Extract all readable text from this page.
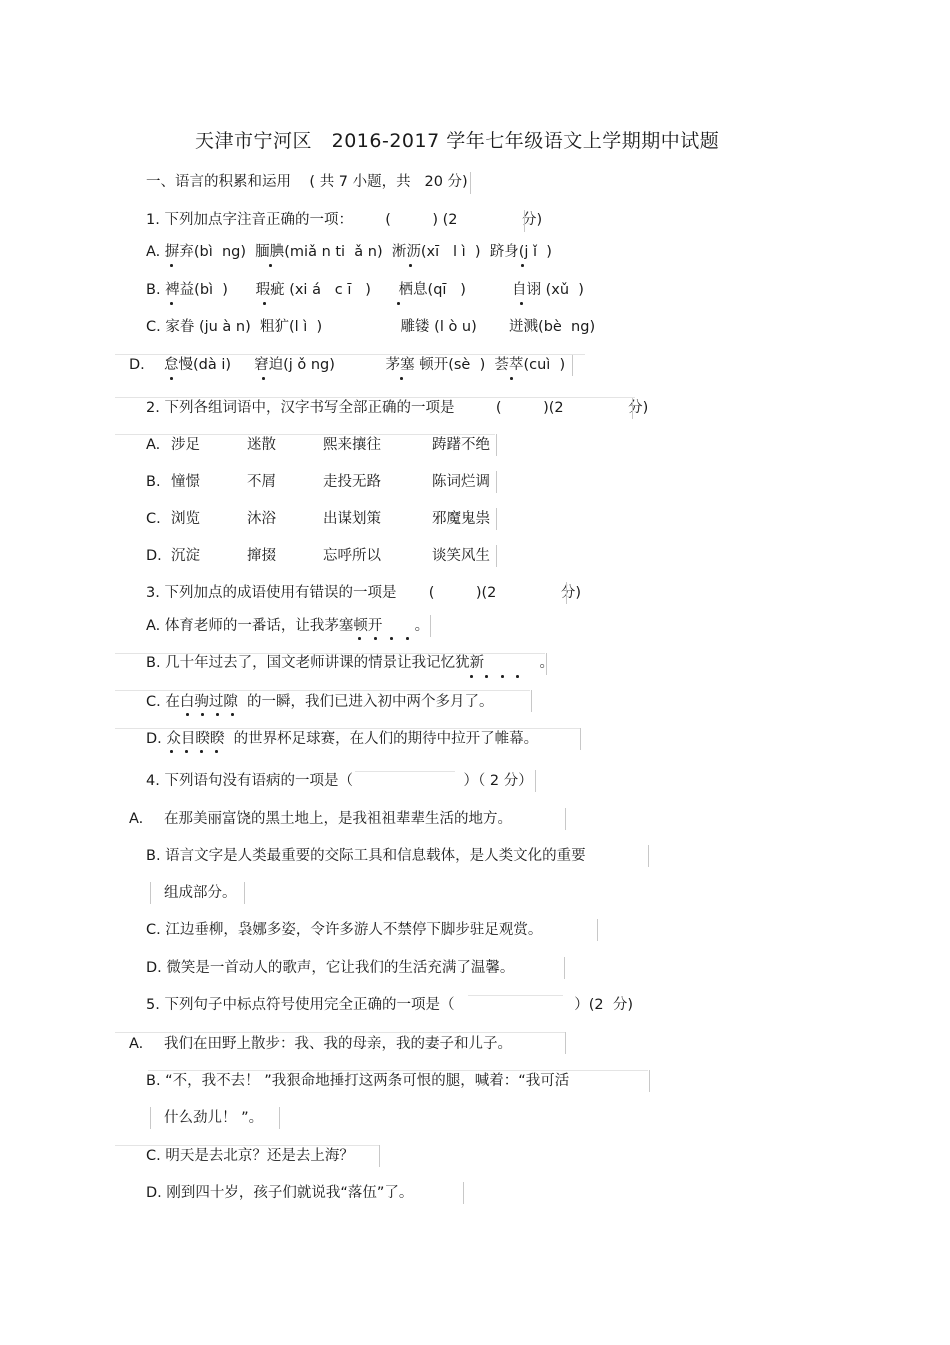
天津市宁河区   2016-2017 学年七年级语文上学期期中试题
一、语言的积累和运用    ( 共 7 小题，共   20 分)
1. 下列加点字注音正确的一项：       (         ) (2              分)
A. 摒弃(bì  ng)  腼腆(miǎ n ti  ǎ n)  淅沥(xī   l ì  )  跻身(j ǐ  )
B. 裨益(bì  )      瑕疵 (xi á   c ī   )      栖息(qī   )          自诩 (xǔ  )
C. 家眷 (ju à n)  粗犷(l ì  )                 雕镂 (l ò u)       迸溅(bè  ng)
D. 怠慢(dà i)     窘迫(j ǒ ng)           茅塞 顿开(sè  )  荟萃(cuì  )
2. 下列各组词语中，汉字书写全部正确的一项是         (         )(2              分)
A. 涉足	迷散	熙来攘往	踌躇不绝
B. 憧憬	不屑	走投无路	陈词烂调
C. 浏览	沐浴	出谋划策	邪魔鬼祟
D. 沉淀	撺掇	忘呼所以	谈笑风生
3. 下列加点的成语使用有错误的一项是       (         )(2              分)
A. 体育老师的一番话，让我茅塞顿开       。
B. 几十年过去了，国文老师讲课的情景让我记忆犹新            。
C. 在白驹过隙  的一瞬，我们已进入初中两个多月了。
D. 众目睽睽  的世界杯足球赛，在人们的期待中拉开了帷幕。
4. 下列语句没有语病的一项是（                        ）（ 2 分）
A. 在那美丽富饶的黑土地上，是我祖祖辈辈生活的地方。
B. 语言文字是人类最重要的交际工具和信息载体，是人类文化的重要
组成部分。
C. 江边垂柳，袅娜多姿，令许多游人不禁停下脚步驻足观赏。
D. 微笑是一首动人的歌声，它让我们的生活充满了温馨。
5. 下列句子中标点符号使用完全正确的一项是（                          ）(2  分)
A. 我们在田野上散步：我、我的母亲，我的妻子和儿子。
B. “不，我不去！ ”我狠命地捶打这两条可恨的腿，喊着：“我可活
什么劲儿！ ”。
C. 明天是去北京？还是去上海？
D. 刚到四十岁，孩子们就说我“落伍”了。
